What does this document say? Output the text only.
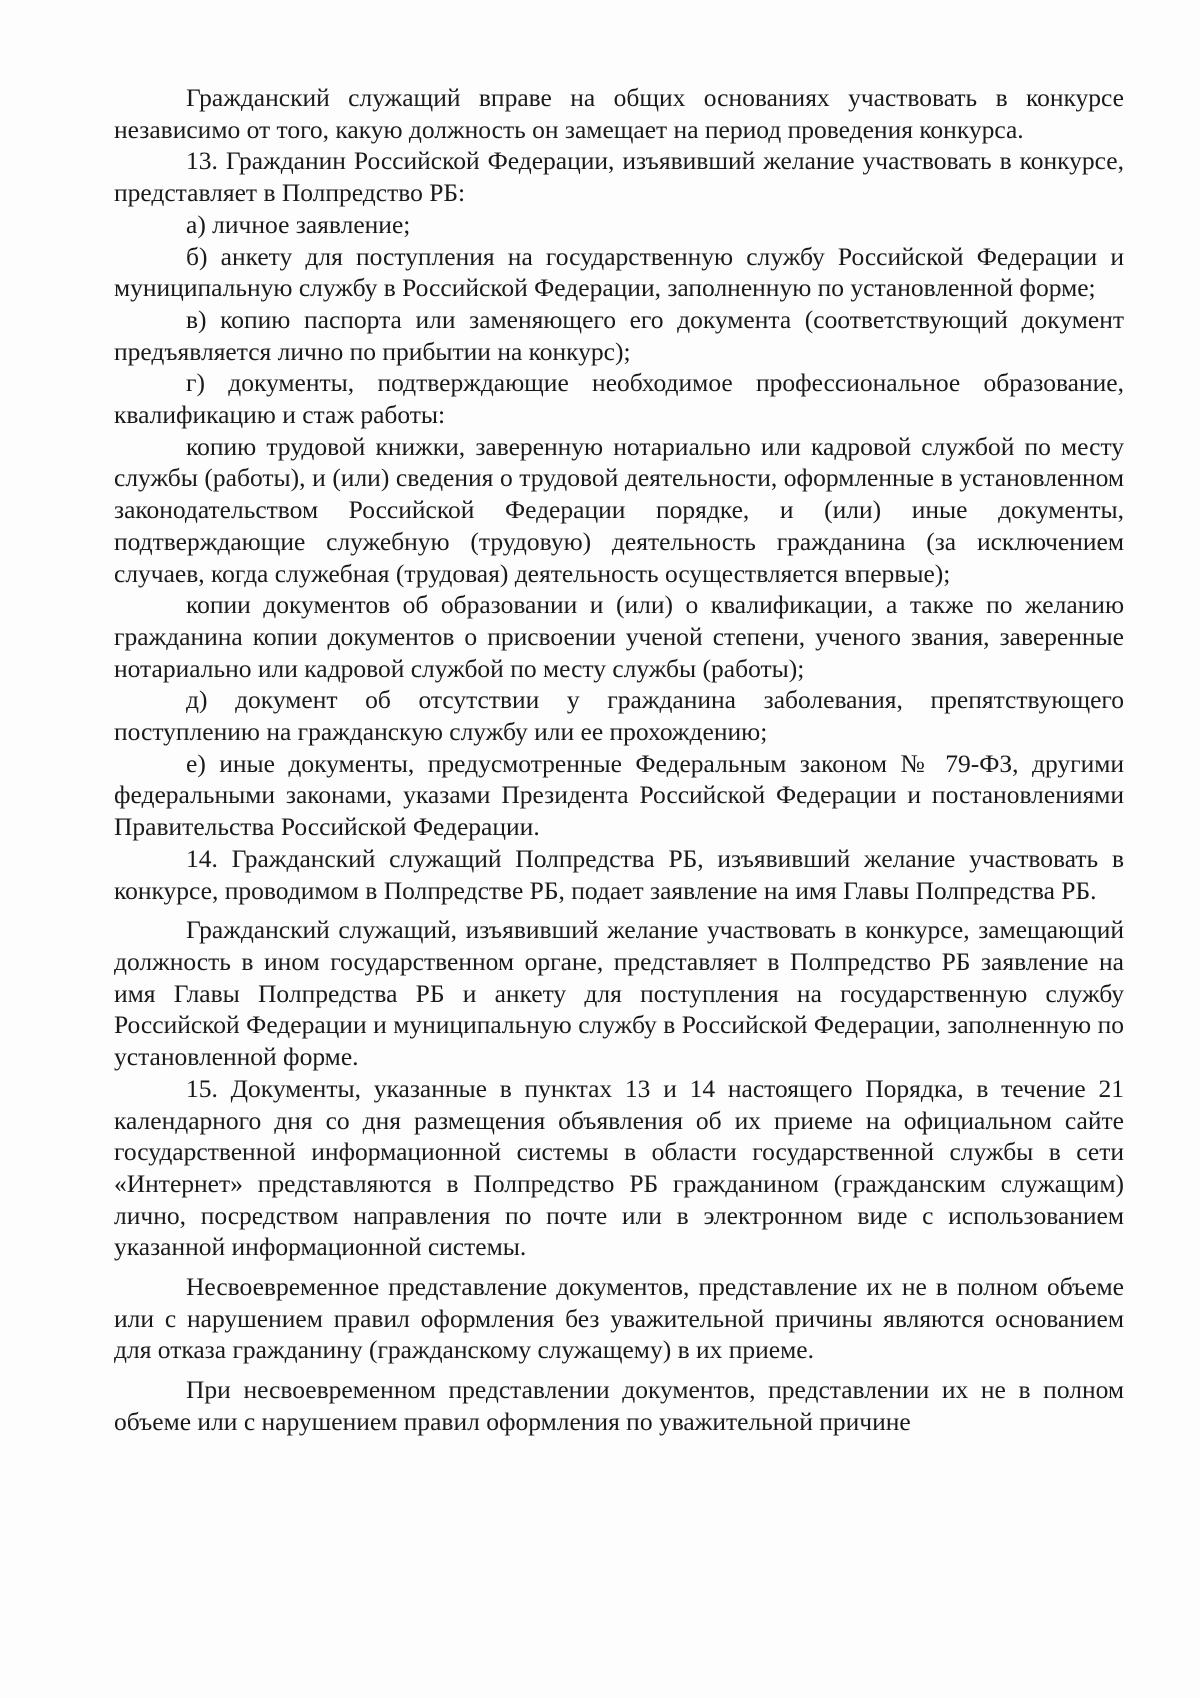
Гражданский служащий вправе на общих основаниях участвовать в конкурсе независимо от того, какую должность он замещает на период проведения конкурса.

13. Гражданин Российской Федерации, изъявивший желание участвовать в конкурсе, представляет в Полпредство РБ:

а) личное заявление;

б) анкету для поступления на государственную службу Российской Федерации и муниципальную службу в Российской Федерации, заполненную по установленной форме;

в) копию паспорта или заменяющего его документа (соответствующий документ предъявляется лично по прибытии на конкурс);

г) документы, подтверждающие необходимое профессиональное образование, квалификацию и стаж работы:

копию трудовой книжки, заверенную нотариально или кадровой службой по месту службы (работы), и (или) сведения о трудовой деятельности, оформленные в установленном законодательством Российской Федерации порядке, и (или) иные документы, подтверждающие служебную (трудовую) деятельность гражданина (за исключением случаев, когда служебная (трудовая) деятельность осуществляется впервые);

копии документов об образовании и (или) о квалификации, а также по желанию гражданина копии документов о присвоении ученой степени, ученого звания, заверенные нотариально или кадровой службой по месту службы (работы);

д) документ об отсутствии у гражданина заболевания, препятствующего поступлению на гражданскую службу или ее прохождению;

е) иные документы, предусмотренные Федеральным законом № 79-ФЗ, другими федеральными законами, указами Президента Российской Федерации и постановлениями Правительства Российской Федерации.

14. Гражданский служащий Полпредства РБ, изъявивший желание участвовать в конкурсе, проводимом в Полпредстве РБ, подает заявление на имя Главы Полпредства РБ.

Гражданский служащий, изъявивший желание участвовать в конкурсе, замещающий должность в ином государственном органе, представляет в Полпредство РБ заявление на имя Главы Полпредства РБ и анкету для поступления на государственную службу Российской Федерации и муниципальную службу в Российской Федерации, заполненную по установленной форме.

15. Документы, указанные в пунктах 13 и 14 настоящего Порядка, в течение 21 календарного дня со дня размещения объявления об их приеме на официальном сайте государственной информационной системы в области государственной службы в сети «Интернет» представляются в Полпредство РБ гражданином (гражданским служащим) лично, посредством направления по почте или в электронном виде с использованием указанной информационной системы.

Несвоевременное представление документов, представление их не в полном объеме или с нарушением правил оформления без уважительной причины являются основанием для отказа гражданину (гражданскому служащему) в их приеме.

При несвоевременном представлении документов, представлении их не в полном объеме или с нарушением правил оформления по уважительной причине
